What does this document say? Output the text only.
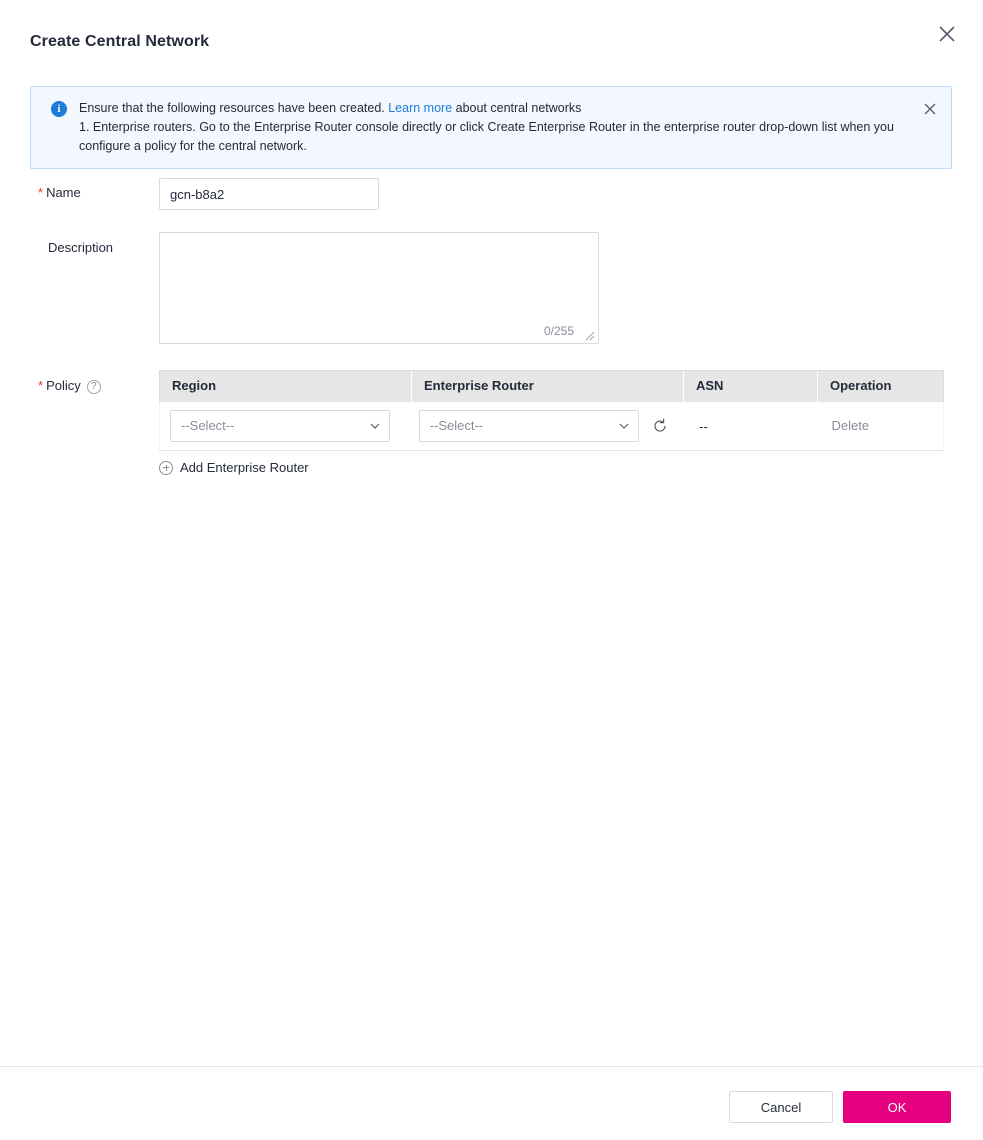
Create Central Network
i	Ensure that the following resources have been created. Learn more about central networks
1. Enterprise routers. Go to the Enterprise Router console directly or click Create Enterprise Router in the enterprise router drop-down list when you configure a policy for the central network.
* Name
gcn-b8a2
Description
0/255
* Policy ?	Region	Enterprise Router	ASN	Operation
--Select--	--Select--	--	Delete
Add Enterprise Router
Cancel	OK
